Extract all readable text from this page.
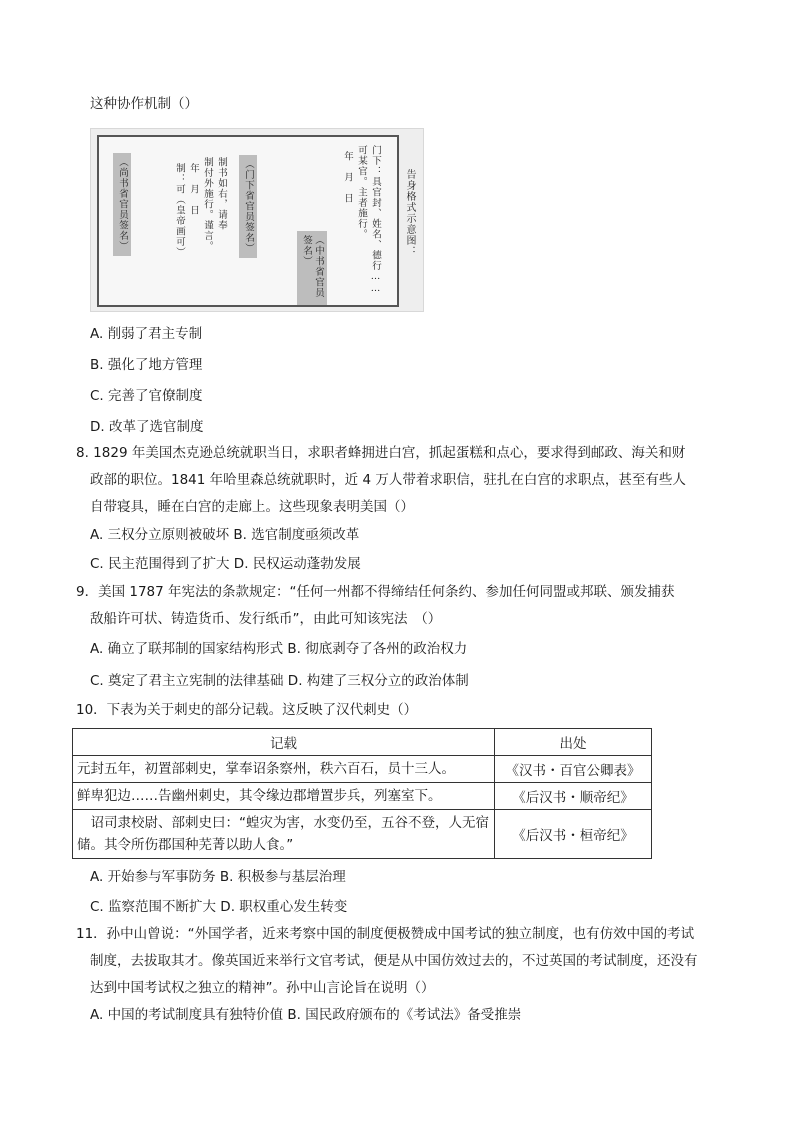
这种协作机制（）
门下：具官封、姓名、德行……
可某官。主者施行。
年　月　日
（中书省官员签名）
制书如右，请奉
制付外施行。谨言。
年　月　日
制：可（皇帝画可）	（门下省官员签名）
（尚书省官员签名）	告身格式示意图：
A. 削弱了君主专制
B. 强化了地方管理
C. 完善了官僚制度
D. 改革了选官制度
8. 1829 年美国杰克逊总统就职当日，求职者蜂拥进白宫，抓起蛋糕和点心，要求得到邮政、海关和财
政部的职位。1841 年哈里森总统就职时，近 4 万人带着求职信，驻扎在白宫的求职点，甚至有些人
自带寝具，睡在白宫的走廊上。这些现象表明美国（）
A. 三权分立原则被破坏 B. 选官制度亟须改革
C. 民主范围得到了扩大 D. 民权运动蓬勃发展
9．美国 1787 年宪法的条款规定：“任何一州都不得缔结任何条约、参加任何同盟或邦联、颁发捕获
敌船许可状、铸造货币、发行纸币”，由此可知该宪法　（）
A. 确立了联邦制的国家结构形式 B. 彻底剥夺了各州的政治权力
C. 奠定了君主立宪制的法律基础 D. 构建了三权分立的政治体制
10．下表为关于刺史的部分记载。这反映了汉代刺史（）
记载	出处
元封五年，初置部刺史，掌奉诏条察州，秩六百石，员十三人。	《汉书・百官公卿表》
鲜卑犯边……告幽州刺史，其令缘边郡增置步兵，列塞室下。	《后汉书・顺帝纪》
　诏司隶校尉、部刺史曰：“蝗灾为害，水变仍至，五谷不登，人无宿储。其令所伤郡国种芜菁以助人食。”	《后汉书・桓帝纪》
A. 开始参与军事防务 B. 积极参与基层治理
C. 监察范围不断扩大 D. 职权重心发生转变
11．孙中山曾说：“外国学者，近来考察中国的制度便极赞成中国考试的独立制度，也有仿效中国的考试
制度，去拔取其才。像英国近来举行文官考试，便是从中国仿效过去的，不过英国的考试制度，还没有
达到中国考试权之独立的精神”。孙中山言论旨在说明（）
A. 中国的考试制度具有独特价值 B. 国民政府颁布的《考试法》备受推崇
